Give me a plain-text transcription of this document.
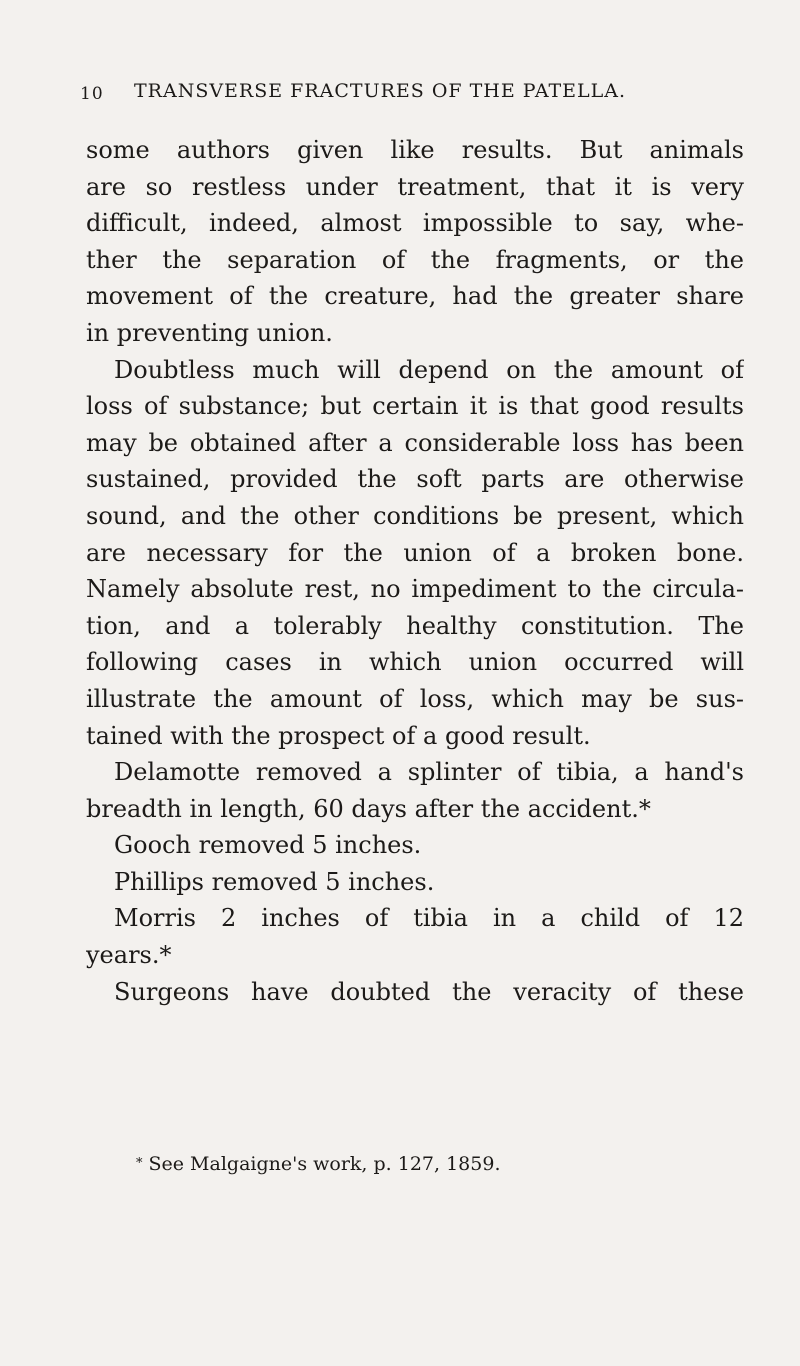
10 TRANSVERSE FRACTURES OF THE PATELLA.
some authors given like results. But animals
are so restless under treatment, that it is very
difficult, indeed, almost impossible to say, whe-
ther the separation of the fragments, or the
movement of the creature, had the greater share
in preventing union.
Doubtless much will depend on the amount of
loss of substance; but certain it is that good results
may be obtained after a considerable loss has been
sustained, provided the soft parts are otherwise
sound, and the other conditions be present, which
are necessary for the union of a broken bone.
Namely absolute rest, no impediment to the circula-
tion, and a tolerably healthy constitution. The
following cases in which union occurred will
illustrate the amount of loss, which may be sus-
tained with the prospect of a good result.
Delamotte removed a splinter of tibia, a hand's
breadth in length, 60 days after the accident.*
Gooch removed 5 inches.
Phillips removed 5 inches.
Morris 2 inches of tibia in a child of 12
years.*
Surgeons have doubted the veracity of these
* See Malgaigne's work, p. 127, 1859.
